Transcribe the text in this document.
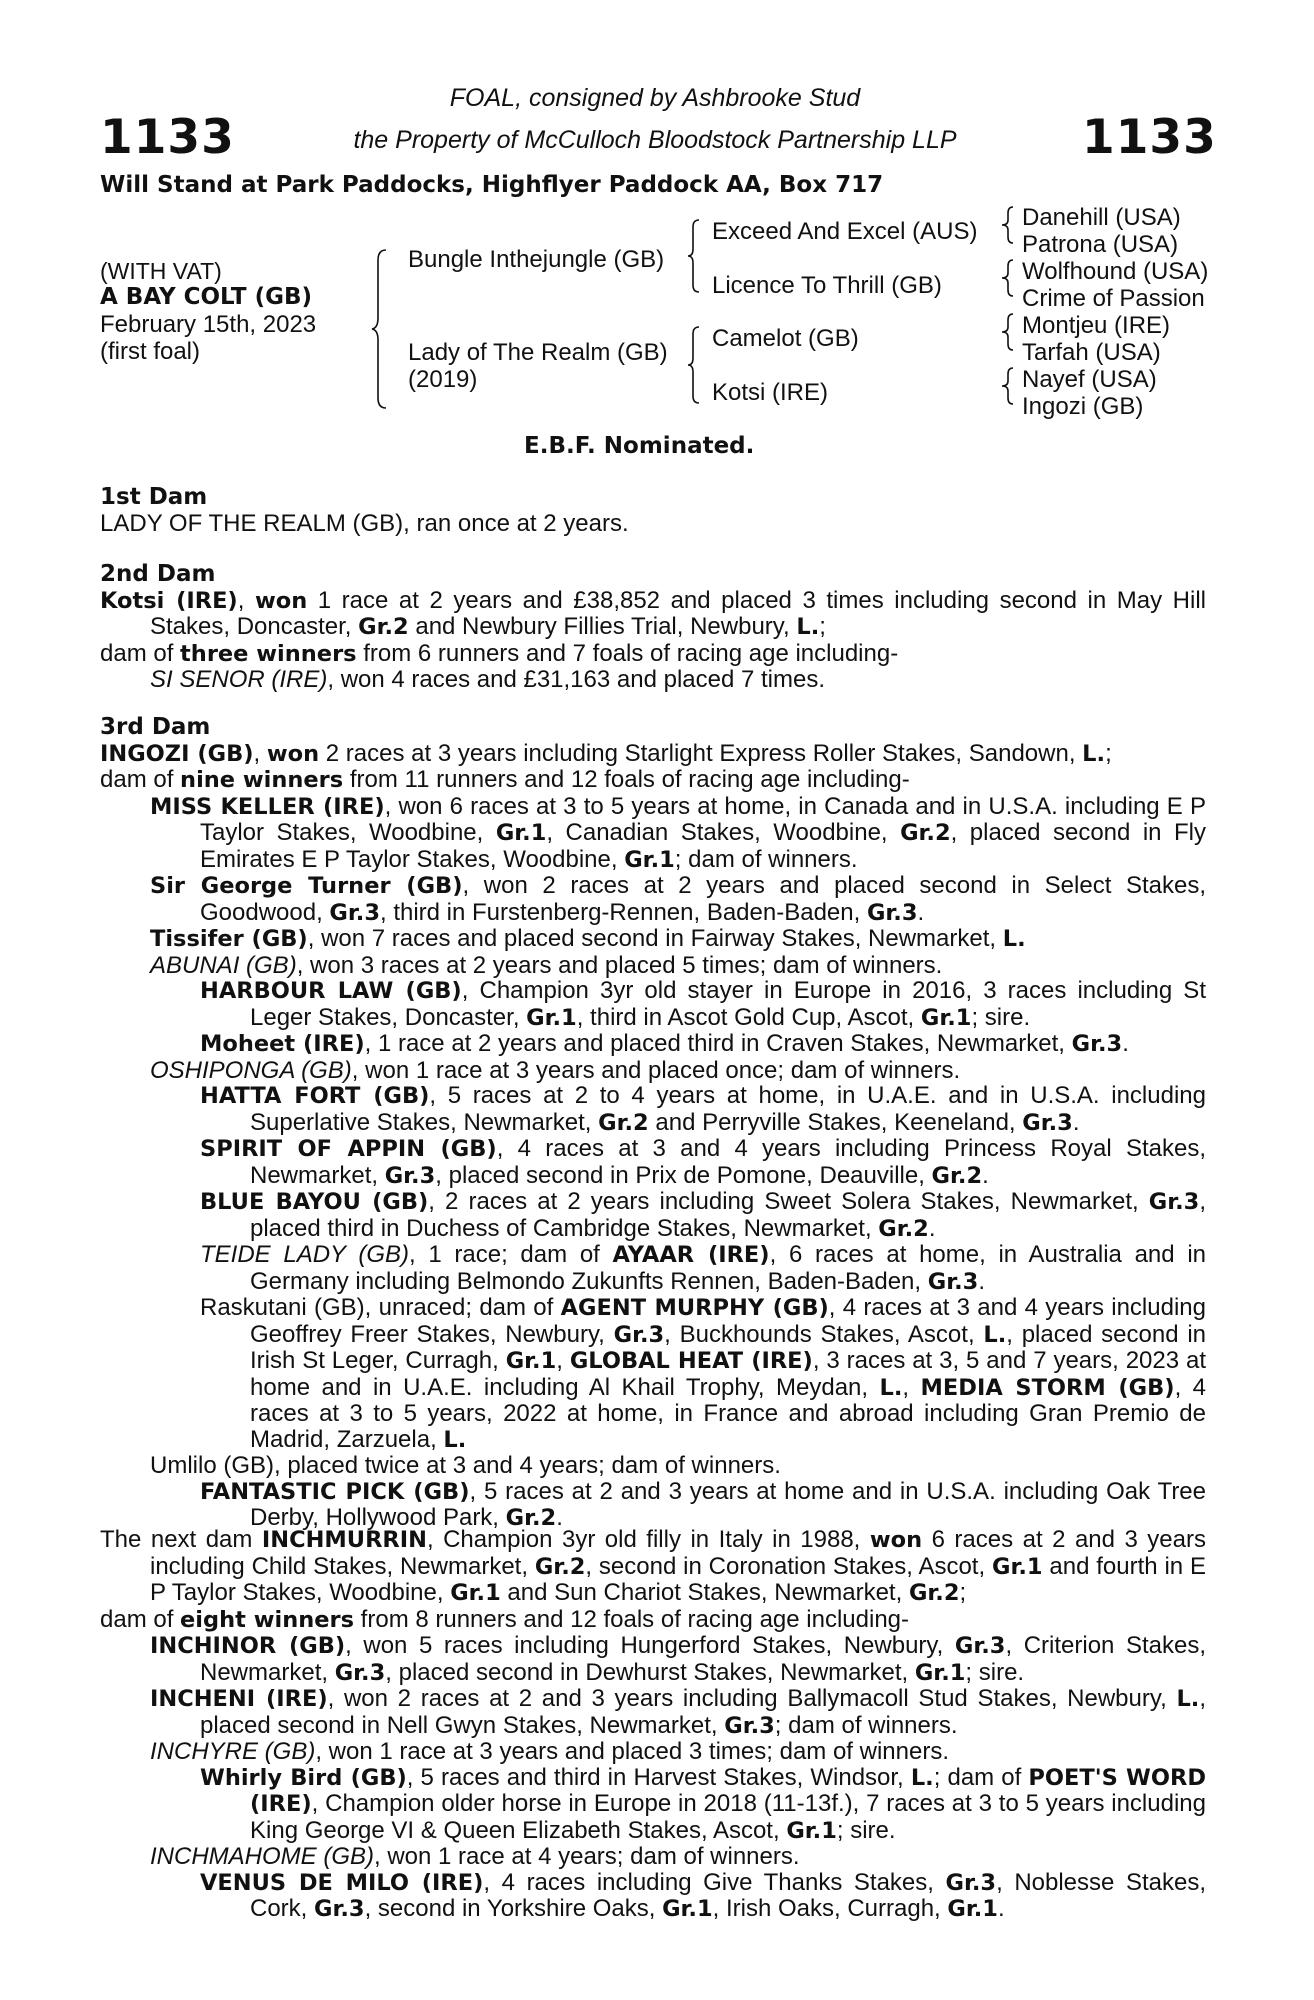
1133	1133
FOAL, consigned by Ashbrooke Stud
the Property of McCulloch Bloodstock Partnership LLP
Will Stand at Park Paddocks, Highflyer Paddock AA, Box 717
(WITH VAT)
A BAY COLT (GB)
February 15th, 2023
(first foal)
Bungle Inthejungle (GB)
Lady of The Realm (GB)
(2019)
Exceed And Excel (AUS)
Licence To Thrill (GB)
Camelot (GB)
Kotsi (IRE)
Danehill (USA)
Patrona (USA)
Wolfhound (USA)
Crime of Passion
Montjeu (IRE)
Tarfah (USA)
Nayef (USA)
Ingozi (GB)
E.B.F. Nominated.
1st Dam

LADY OF THE REALM (GB), ran once at 2 years.

2nd Dam

Kotsi (IRE), won 1 race at 2 years and £38,852 and placed 3 times including second in May Hill Stakes, Doncaster, Gr.2 and Newbury Fillies Trial, Newbury, L.;

dam of three winners from 6 runners and 7 foals of racing age including-

SI SENOR (IRE), won 4 races and £31,163 and placed 7 times.

3rd Dam

INGOZI (GB), won 2 races at 3 years including Starlight Express Roller Stakes, Sandown, L.;

dam of nine winners from 11 runners and 12 foals of racing age including-

MISS KELLER (IRE), won 6 races at 3 to 5 years at home, in Canada and in U.S.A. including E P Taylor Stakes, Woodbine, Gr.1, Canadian Stakes, Woodbine, Gr.2, placed second in Fly Emirates E P Taylor Stakes, Woodbine, Gr.1; dam of winners.

Sir George Turner (GB), won 2 races at 2 years and placed second in Select Stakes, Goodwood, Gr.3, third in Furstenberg-Rennen, Baden-Baden, Gr.3.

Tissifer (GB), won 7 races and placed second in Fairway Stakes, Newmarket, L.

ABUNAI (GB), won 3 races at 2 years and placed 5 times; dam of winners.

HARBOUR LAW (GB), Champion 3yr old stayer in Europe in 2016, 3 races including St Leger Stakes, Doncaster, Gr.1, third in Ascot Gold Cup, Ascot, Gr.1; sire.

Moheet (IRE), 1 race at 2 years and placed third in Craven Stakes, Newmarket, Gr.3.

OSHIPONGA (GB), won 1 race at 3 years and placed once; dam of winners.

HATTA FORT (GB), 5 races at 2 to 4 years at home, in U.A.E. and in U.S.A. including Superlative Stakes, Newmarket, Gr.2 and Perryville Stakes, Keeneland, Gr.3.

SPIRIT OF APPIN (GB), 4 races at 3 and 4 years including Princess Royal Stakes, Newmarket, Gr.3, placed second in Prix de Pomone, Deauville, Gr.2.

BLUE BAYOU (GB), 2 races at 2 years including Sweet Solera Stakes, Newmarket, Gr.3, placed third in Duchess of Cambridge Stakes, Newmarket, Gr.2.

TEIDE LADY (GB), 1 race; dam of AYAAR (IRE), 6 races at home, in Australia and in Germany including Belmondo Zukunfts Rennen, Baden-Baden, Gr.3.

Raskutani (GB), unraced; dam of AGENT MURPHY (GB), 4 races at 3 and 4 years including Geoffrey Freer Stakes, Newbury, Gr.3, Buckhounds Stakes, Ascot, L., placed second in Irish St Leger, Curragh, Gr.1, GLOBAL HEAT (IRE), 3 races at 3, 5 and 7 years, 2023 at home and in U.A.E. including Al Khail Trophy, Meydan, L., MEDIA STORM (GB), 4 races at 3 to 5 years, 2022 at home, in France and abroad including Gran Premio de Madrid, Zarzuela, L.

Umlilo (GB), placed twice at 3 and 4 years; dam of winners.

FANTASTIC PICK (GB), 5 races at 2 and 3 years at home and in U.S.A. including Oak Tree Derby, Hollywood Park, Gr.2.

The next dam INCHMURRIN, Champion 3yr old filly in Italy in 1988, won 6 races at 2 and 3 years including Child Stakes, Newmarket, Gr.2, second in Coronation Stakes, Ascot, Gr.1 and fourth in E P Taylor Stakes, Woodbine, Gr.1 and Sun Chariot Stakes, Newmarket, Gr.2;

dam of eight winners from 8 runners and 12 foals of racing age including-

INCHINOR (GB), won 5 races including Hungerford Stakes, Newbury, Gr.3, Criterion Stakes, Newmarket, Gr.3, placed second in Dewhurst Stakes, Newmarket, Gr.1; sire.

INCHENI (IRE), won 2 races at 2 and 3 years including Ballymacoll Stud Stakes, Newbury, L., placed second in Nell Gwyn Stakes, Newmarket, Gr.3; dam of winners.

INCHYRE (GB), won 1 race at 3 years and placed 3 times; dam of winners.

Whirly Bird (GB), 5 races and third in Harvest Stakes, Windsor, L.; dam of POET'S WORD (IRE), Champion older horse in Europe in 2018 (11-13f.), 7 races at 3 to 5 years including King George VI & Queen Elizabeth Stakes, Ascot, Gr.1; sire.

INCHMAHOME (GB), won 1 race at 4 years; dam of winners.

VENUS DE MILO (IRE), 4 races including Give Thanks Stakes, Gr.3, Noblesse Stakes, Cork, Gr.3, second in Yorkshire Oaks, Gr.1, Irish Oaks, Curragh, Gr.1.
